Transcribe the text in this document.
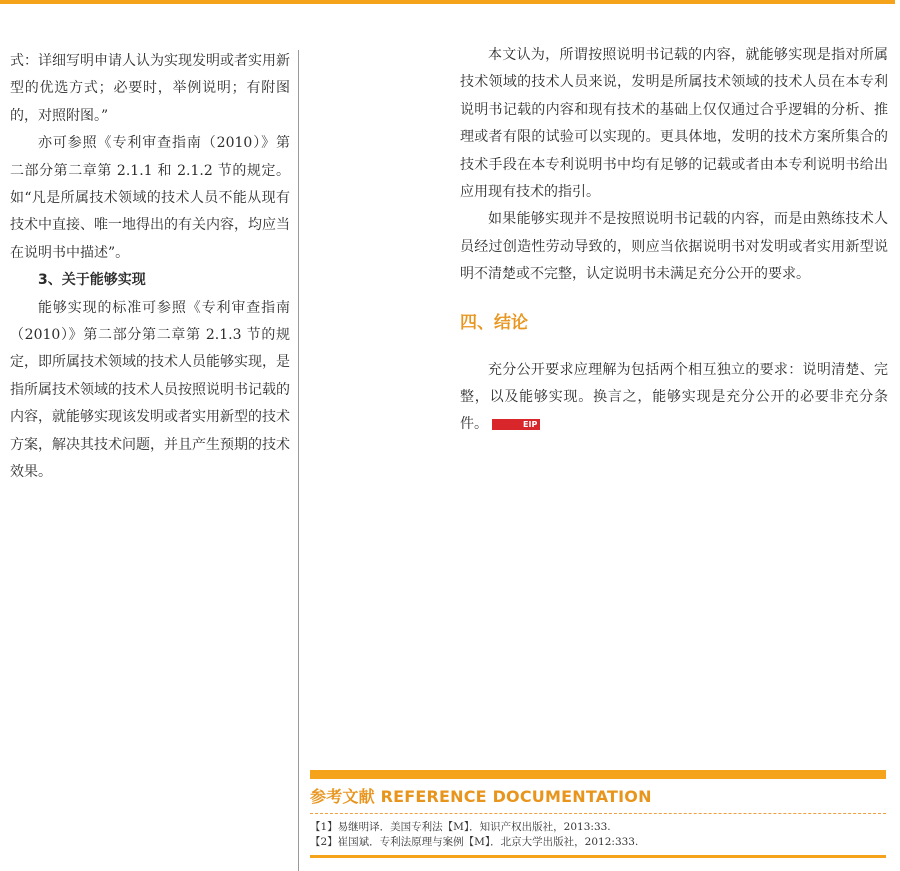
式：详细写明申请人认为实现发明或者实用新型的优选方式；必要时，举例说明；有附图的，对照附图。”

亦可参照《专利审查指南（2010）》第二部分第二章第 2.1.1 和 2.1.2 节的规定。如“凡是所属技术领域的技术人员不能从现有技术中直接、唯一地得出的有关内容，均应当在说明书中描述”。

3、关于能够实现

能够实现的标准可参照《专利审查指南（2010）》第二部分第二章第 2.1.3 节的规定，即所属技术领域的技术人员能够实现，是指所属技术领域的技术人员按照说明书记载的内容，就能够实现该发明或者实用新型的技术方案，解决其技术问题，并且产生预期的技术效果。

本文认为，所谓按照说明书记载的内容，就能够实现是指对所属技术领域的技术人员来说，发明是所属技术领域的技术人员在本专利说明书记载的内容和现有技术的基础上仅仅通过合乎逻辑的分析、推理或者有限的试验可以实现的。更具体地，发明的技术方案所集合的技术手段在本专利说明书中均有足够的记载或者由本专利说明书给出应用现有技术的指引。

如果能够实现并不是按照说明书记载的内容，而是由熟练技术人员经过创造性劳动导致的，则应当依据说明书对发明或者实用新型说明不清楚或不完整，认定说明书未满足充分公开的要求。

四、结论

充分公开要求应理解为包括两个相互独立的要求：说明清楚、完整，以及能够实现。换言之，能够实现是充分公开的必要非充分条件。	EIP

参考文献 REFERENCE DOCUMENTATION
【1】易继明译．美国专利法【M】．知识产权出版社，2013:33.
【2】崔国斌．专利法原理与案例【M】．北京大学出版社，2012:333.
